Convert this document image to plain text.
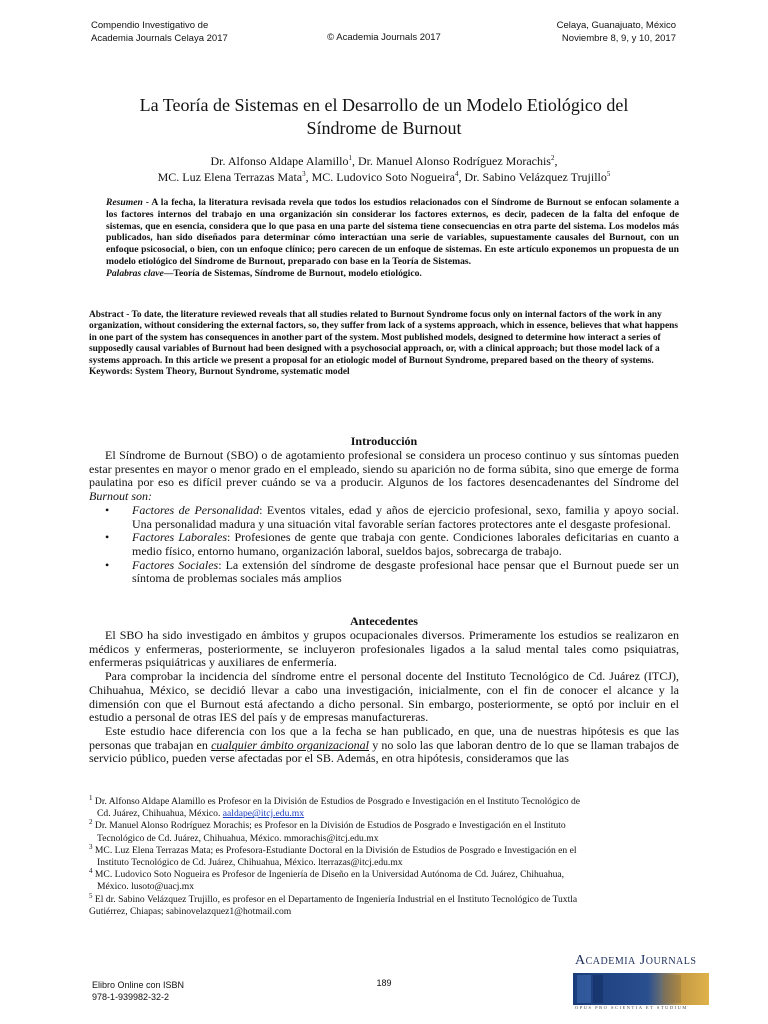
Compendio Investigativo de
Academia Journals Celaya 2017	© Academia Journals 2017
Celaya, Guanajuato, México
Noviembre 8, 9, y 10, 2017
La Teoría de Sistemas en el Desarrollo de un Modelo Etiológico del
Síndrome de Burnout
Dr. Alfonso Aldape Alamillo$^1$, Dr. Manuel Alonso Rodríguez Morachis$^2$,
MC. Luz Elena Terrazas Mata$^3$, MC. Ludovico Soto Nogueira$^4$, Dr. Sabino Velázquez Trujillo$^5$
Resumen - A la fecha, la literatura revisada revela que todos los estudios relacionados con el Síndrome de Burnout se enfocan solamente a los factores internos del trabajo en una organización sin considerar los factores externos, es decir, padecen de la falta del enfoque de sistemas, que en esencia, considera que lo que pasa en una parte del sistema tiene consecuencias en otra parte del sistema. Los modelos más publicados, han sido diseñados para determinar cómo interactúan una serie de variables, supuestamente causales del Burnout, con un enfoque psicosocial, o bien, con un enfoque clínico; pero carecen de un enfoque de sistemas. En este artículo exponemos un propuesta de un modelo etiológico del Síndrome de Burnout, preparado con base en la Teoría de Sistemas.
Palabras clave—Teoría de Sistemas, Síndrome de Burnout, modelo etiológico.
Abstract - To date, the literature reviewed reveals that all studies related to Burnout Syndrome focus only on internal factors of the work in any organization, without considering the external factors, so, they suffer from lack of a systems approach, which in essence, believes that what happens in one part of the system has consequences in another part of the system. Most published models, designed to determine how interact a series of supposedly causal variables of Burnout had been designed with a psychosocial approach, or, with a clinical approach; but those model lack of a systems approach. In this article we present a proposal for an etiologic model of Burnout Syndrome, prepared based on the theory of systems.
Keywords: System Theory, Burnout Syndrome, systematic model
Introducción

El Síndrome de Burnout (SBO) o de agotamiento profesional se considera un proceso continuo y sus síntomas pueden estar presentes en mayor o menor grado en el empleado, siendo su aparición no de forma súbita, sino que emerge de forma paulatina por eso es difícil prever cuándo se va a producir. Algunos de los factores desencadenantes del Síndrome del Burnout son:

• Factores de Personalidad: Eventos vitales, edad y años de ejercicio profesional, sexo, familia y apoyo social. Una personalidad madura y una situación vital favorable serían factores protectores ante el desgaste profesional.
• Factores Laborales: Profesiones de gente que trabaja con gente. Condiciones laborales deficitarias en cuanto a medio físico, entorno humano, organización laboral, sueldos bajos, sobrecarga de trabajo.
• Factores Sociales: La extensión del síndrome de desgaste profesional hace pensar que el Burnout puede ser un síntoma de problemas sociales más amplios
Antecedentes

El SBO ha sido investigado en ámbitos y grupos ocupacionales diversos. Primeramente los estudios se realizaron en médicos y enfermeras, posteriormente, se incluyeron profesionales ligados a la salud mental tales como psiquiatras, enfermeras psiquiátricas y auxiliares de enfermería.

Para comprobar la incidencia del síndrome entre el personal docente del Instituto Tecnológico de Cd. Juárez (ITCJ), Chihuahua, México, se decidió llevar a cabo una investigación, inicialmente, con el fin de conocer el alcance y la dimensión con que el Burnout está afectando a dicho personal. Sin embargo, posteriormente, se optó por incluir en el estudio a personal de otras IES del país y de empresas manufactureras.

Este estudio hace diferencia con los que a la fecha se han publicado, en que, una de nuestras hipótesis es que las personas que trabajan en cualquier ámbito organizacional y no solo las que laboran dentro de lo que se llaman trabajos de servicio público, pueden verse afectadas por el SB. Además, en otra hipótesis, consideramos que las

$^1$ Dr. Alfonso Aldape Alamillo es Profesor en la División de Estudios de Posgrado e Investigación en el Instituto Tecnológico de
Cd. Juárez, Chihuahua, México. aaldape@itcj.edu.mx
$^2$ Dr. Manuel Alonso Rodríguez Morachis; es Profesor en la División de Estudios de Posgrado e Investigación en el Instituto
Tecnológico de Cd. Juárez, Chihuahua, México. mmorachis@itcj.edu.mx
$^3$ MC. Luz Elena Terrazas Mata; es Profesora-Estudiante Doctoral en la División de Estudios de Posgrado e Investigación en el
Instituto Tecnológico de Cd. Juárez, Chihuahua, México. lterrazas@itcj.edu.mx
$^4$ MC. Ludovico Soto Nogueira es Profesor de Ingeniería de Diseño en la Universidad Autónoma de Cd. Juárez, Chihuahua,
México. lusoto@uacj.mx
$^5$ El dr. Sabino Velázquez Trujillo, es profesor en el Departamento de Ingeniería Industrial en el Instituto Tecnológico de Tuxtla
Gutiérrez, Chiapas; sabinovelazquez1@hotmail.com
Elibro Online con ISBN
978-1-939982-32-2
189
Academia Journals
OPUS PRO SCIENTIA ET STUDIUM
